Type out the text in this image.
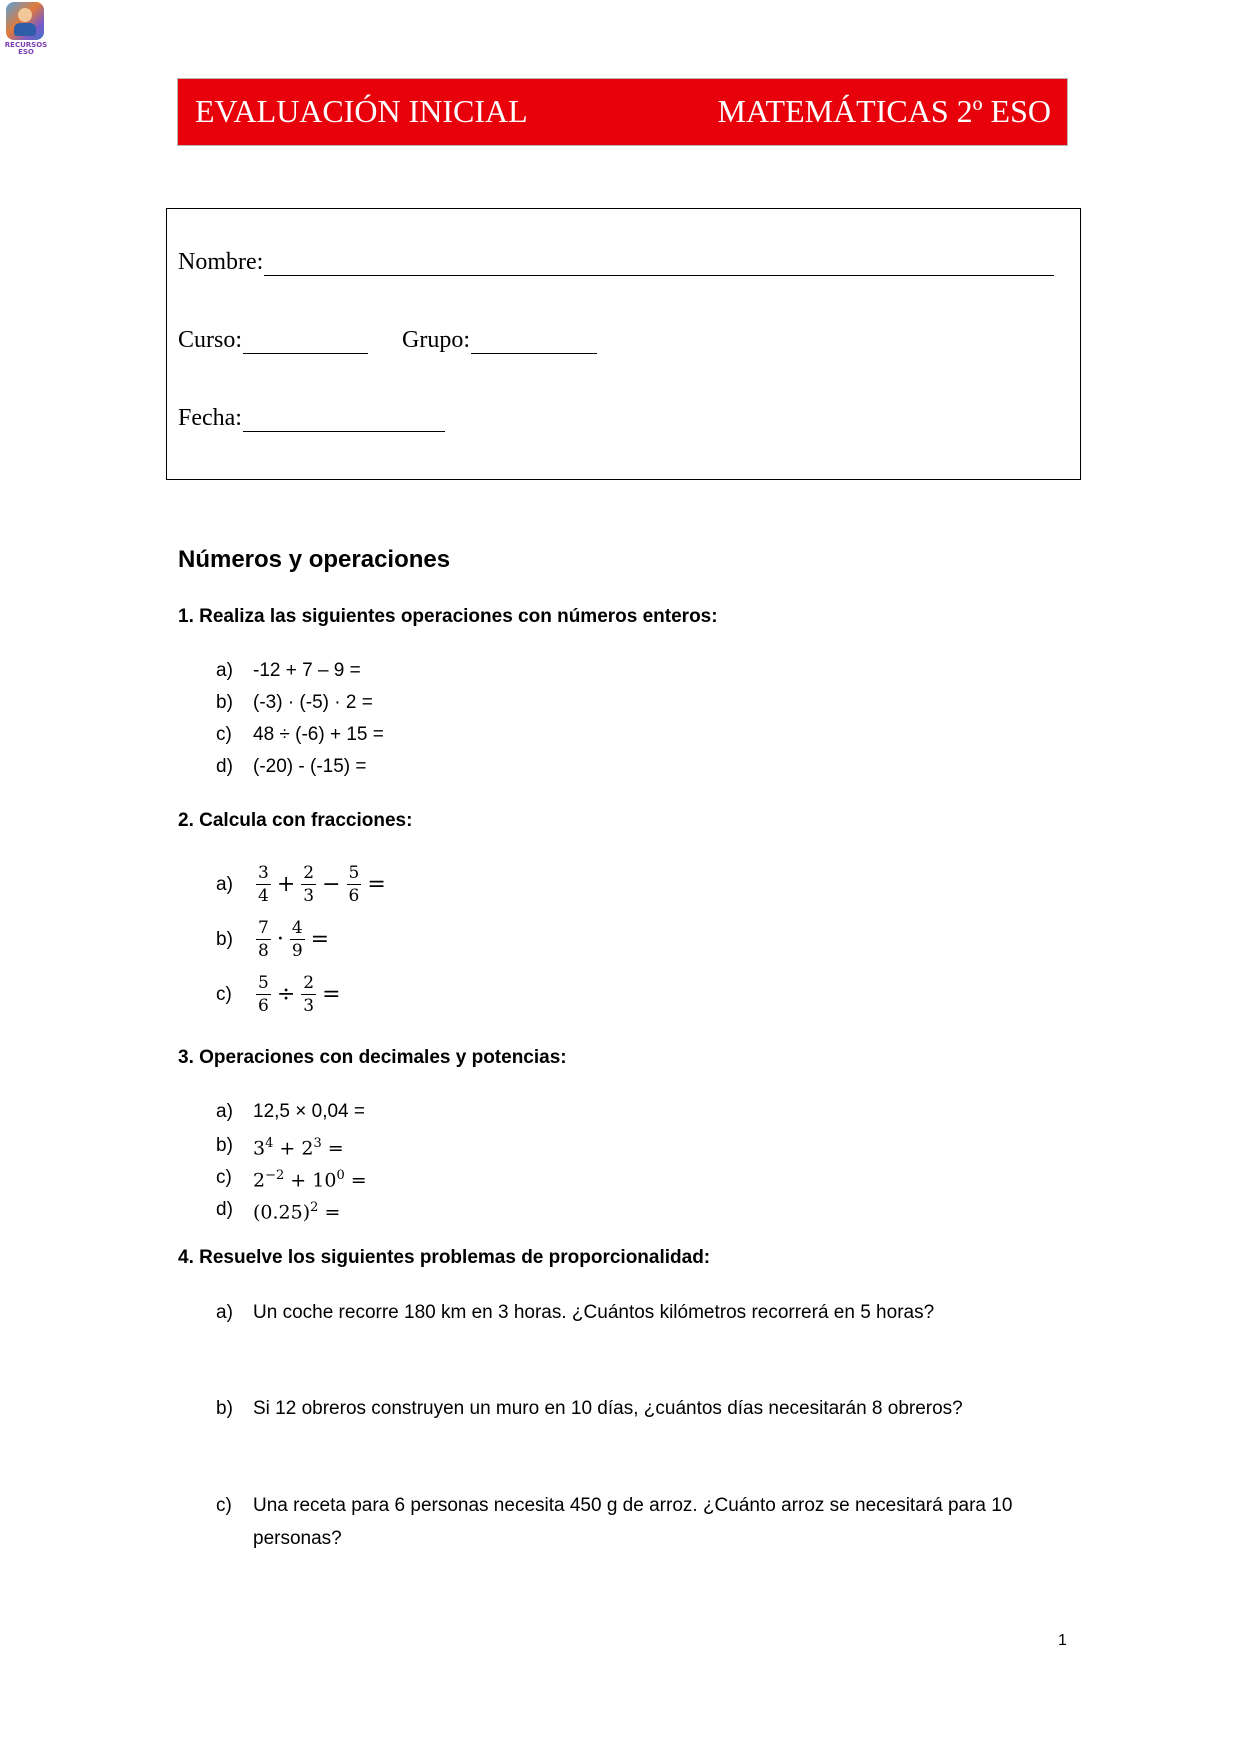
RECURSOS ESO
EVALUACIÓN INICIAL	MATEMÁTICAS 2º ESO
Nombre:
Curso:	Grupo:
Fecha:
Números y operaciones
1. Realiza las siguientes operaciones con números enteros:
a)	-12 + 7 – 9 =
b)	(-3) · (-5) · 2 =
c)	48 ÷ (-6) + 15 =
d)	(-20) - (-15) =
2. Calcula con fracciones:
a)	$\frac{3}{4} + \frac{2}{3} - \frac{5}{6}$ =
b)	$\frac{7}{8} \cdot \frac{4}{9}$ =
c)	$\frac{5}{6} \div \frac{2}{3}$ =
3. Operaciones con decimales y potencias:
a)	12,5 × 0,04 =
b)	$3^4 + 2^3$ =
c)	$2^{-2} + 10^0$ =
d)	$(0.25)^2$ =
4. Resuelve los siguientes problemas de proporcionalidad:
a)	Un coche recorre 180 km en 3 horas. ¿Cuántos kilómetros recorrerá en 5 horas?
b)	Si 12 obreros construyen un muro en 10 días, ¿cuántos días necesitarán 8 obreros?
c)	Una receta para 6 personas necesita 450 g de arroz. ¿Cuánto arroz se necesitará para 10 personas?
1
